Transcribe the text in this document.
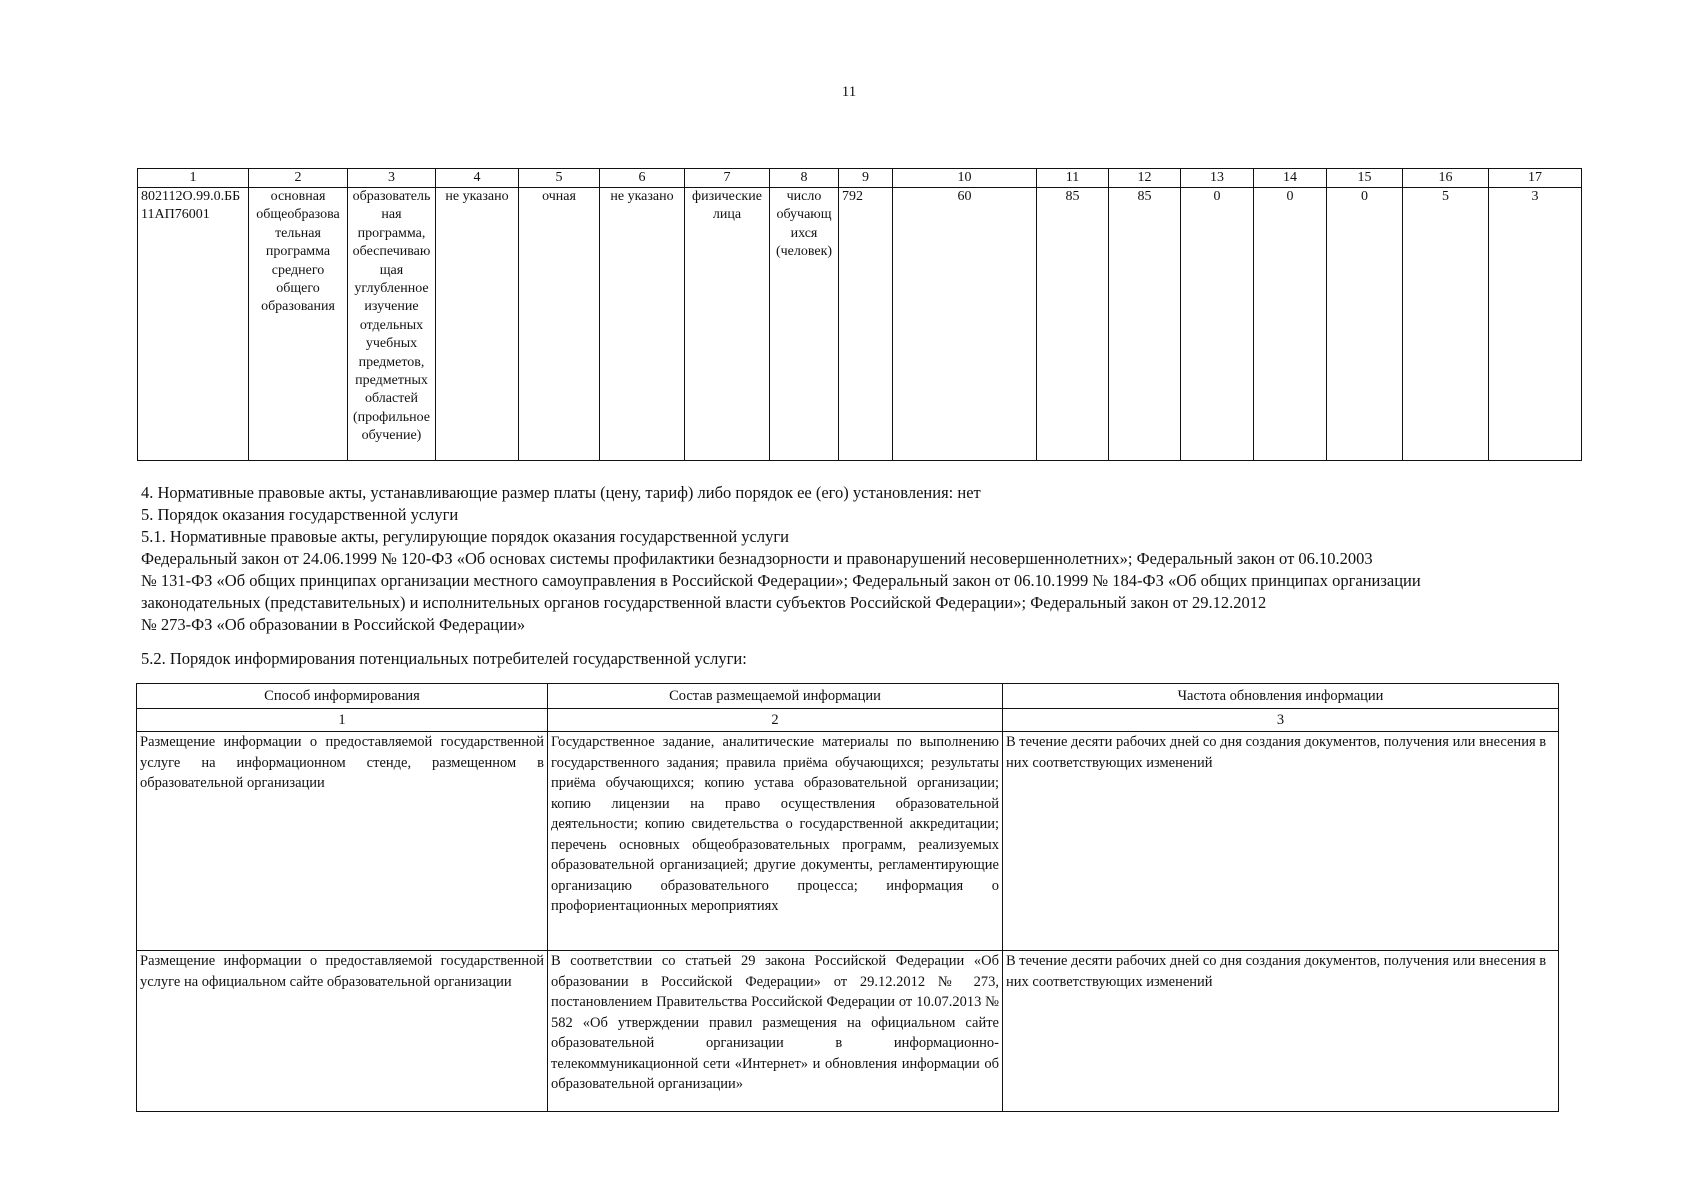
11
1	2	3	4	5	6	7	8	9	10	11	12	13	14	15	16	17
802112О.99.0.ББ 11АП76001	основная общеобразова тельная программа среднего общего образования	образователь ная программа, обеспечиваю щая углубленное изучение отдельных учебных предметов, предметных областей (профильное обучение)	не указано	очная	не указано	физические лица	число обучающ ихся (человек)	792	60	85	85	0	0	0	5	3

4. Нормативные правовые акты, устанавливающие размер платы (цену, тариф) либо порядок ее (его) установления: нет

5. Порядок оказания государственной услуги

5.1. Нормативные правовые акты, регулирующие порядок оказания государственной услуги

Федеральный закон от 24.06.1999 № 120-ФЗ «Об основах системы профилактики безнадзорности и правонарушений несовершеннолетних»; Федеральный закон от 06.10.2003
№ 131-ФЗ «Об общих принципах организации местного самоуправления в Российской Федерации»; Федеральный закон от 06.10.1999 № 184-ФЗ «Об общих принципах организации
законодательных (представительных) и исполнительных органов государственной власти субъектов Российской Федерации»; Федеральный закон от 29.12.2012
№ 273-ФЗ «Об образовании в Российской Федерации»

5.2. Порядок информирования потенциальных потребителей государственной услуги:

Способ информирования	Состав размещаемой информации	Частота обновления информации
1	2	3
Размещение информации о предоставляемой государственной услуге на информационном стенде, размещенном в образовательной организации	Государственное задание, аналитические материалы по выполнению государственного задания; правила приёма обучающихся; результаты приёма обучающихся; копию устава образовательной организации; копию лицензии на право осуществления образовательной деятельности; копию свидетельства о государственной аккредитации; перечень основных общеобразовательных программ, реализуемых образовательной организацией; другие документы, регламентирующие организацию образовательного процесса; информация о профориентационных мероприятиях	В течение десяти рабочих дней со дня создания документов, получения или внесения в них соответствующих изменений
Размещение информации о предоставляемой государственной услуге на официальном сайте образовательной организации	В соответствии со статьей 29 закона Российской Федерации «Об образовании в Российской Федерации» от 29.12.2012 № 273, постановлением Правительства Российской Федерации от 10.07.2013 № 582 «Об утверждении правил размещения на официальном сайте образовательной организации в информационно-телекоммуникационной сети «Интернет» и обновления информации об образовательной организации»	В течение десяти рабочих дней со дня создания документов, получения или внесения в них соответствующих изменений
